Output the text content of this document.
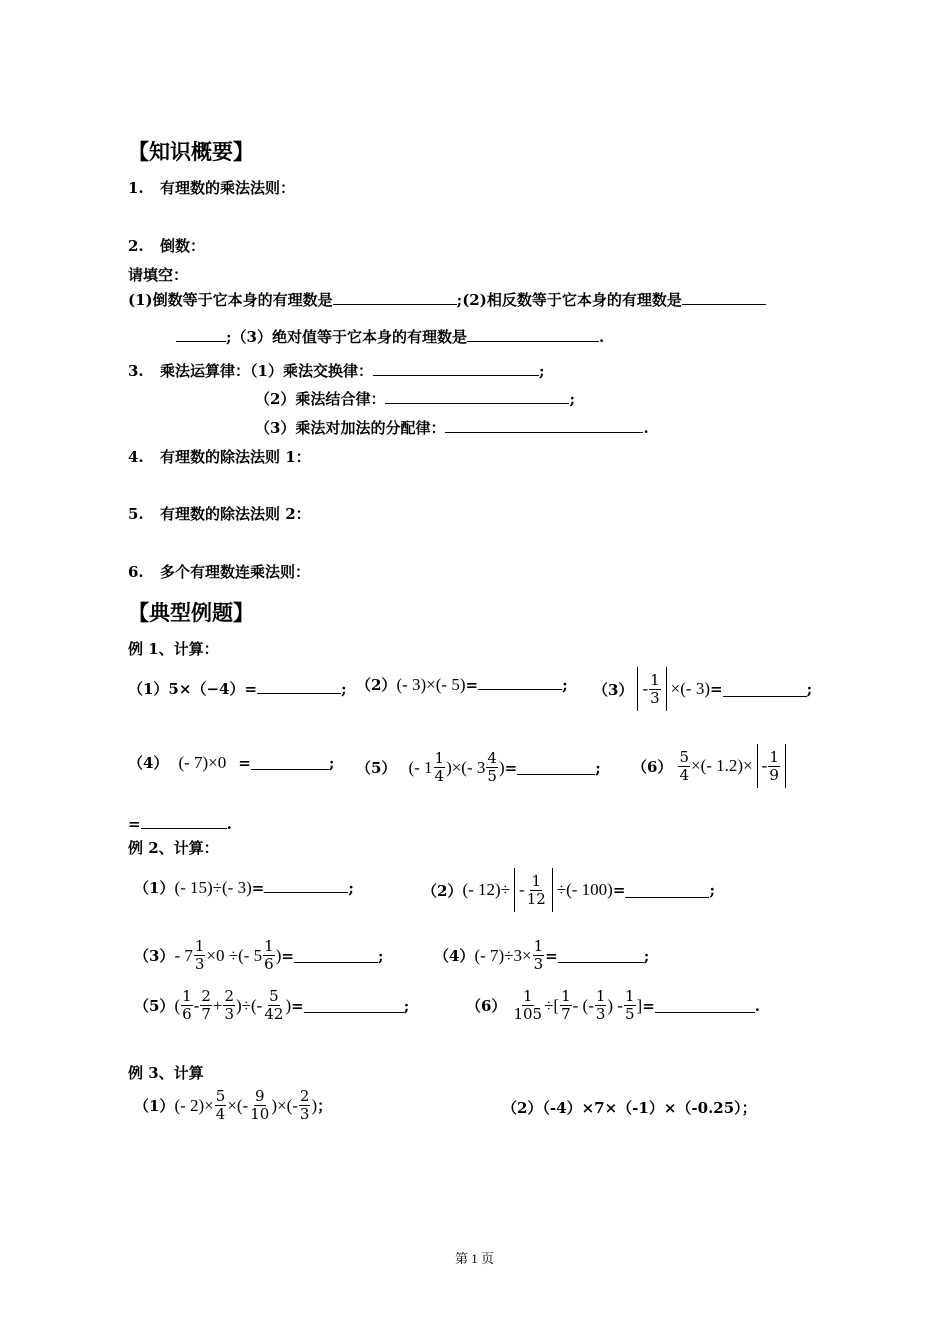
【知识概要】
1. 有理数的乘法法则：
2. 倒数：
请填空：
(1)倒数等于它本身的有理数是	;(2)相反数等于它本身的有理数是
;（3）绝对值等于它本身的有理数是	.
3. 乘法运算律：（1）乘法交换律：	;
（2）乘法结合律：	;
（3）乘法对加法的分配律：	.
4. 有理数的除法法则 1：
5. 有理数的除法法则 2：
6. 多个有理数连乘法则：
【典型例题】
例 1、计算：
（1）5×（−4）=	; （2）(- 3)×(- 5)=	; $(3) - \frac{1}{3}$ ×(- 3) =	;
（4） (- 7)×0 =	; （5） (- $1 \frac{1}{4}$ )×(- $3 \frac{4}{5}$ ) =	; $(6) \frac{5}{4}$ ×(- $1.2)\times - \frac{1}{9}$
=	.
例 2、计算：
（1）(- 15)÷(- 3)=	;	（2） (- $12)\div - \frac{1}{12}$ ÷(- 100) =	;
$(3) - 7 \frac{1}{3} \times 0$ ÷(- $5 \frac{1}{6}$ ) =	;	（4） (- $7)\div 3\times \frac{1}{3}$ =	;
（5） ( $\frac{1}{6} - \frac{2}{7} + \frac{2}{3}$ )÷(- $\frac{5}{42}$ ) =	;	$(6) \frac{1}{105}$ ÷[ $\frac{1}{7}$ - (- $\frac{1}{3}$ ) - $\frac{1}{5}$ ] =	.
例 3、计算
（1） (- $2)\times \frac{5}{4}$ ×(- $\frac{9}{10}$ )×(- $\frac{2}{3}$ ) ；	（2）（-4）×7×（-1）×（-0.25）；
第 1 页
